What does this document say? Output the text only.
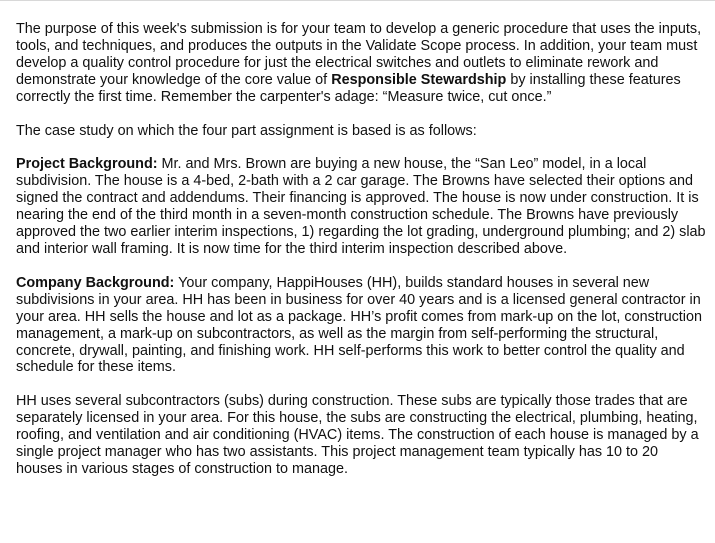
The purpose of this week's submission is for your team to develop a generic procedure that uses the inputs, tools, and techniques, and produces the outputs in the Validate Scope process. In addition, your team must develop a quality control procedure for just the electrical switches and outlets to eliminate rework and demonstrate your knowledge of the core value of Responsible Stewardship by installing these features correctly the first time. Remember the carpenter's adage: “Measure twice, cut once.”

The case study on which the four part assignment is based is as follows:

Project Background: Mr. and Mrs. Brown are buying a new house, the “San Leo” model, in a local subdivision. The house is a 4-bed, 2-bath with a 2 car garage. The Browns have selected their options and signed the contract and addendums. Their financing is approved. The house is now under construction. It is nearing the end of the third month in a seven-month construction schedule. The Browns have previously approved the two earlier interim inspections, 1) regarding the lot grading, underground plumbing; and 2) slab and interior wall framing. It is now time for the third interim inspection described above.

Company Background: Your company, HappiHouses (HH), builds standard houses in several new subdivisions in your area. HH has been in business for over 40 years and is a licensed general contractor in your area. HH sells the house and lot as a package. HH’s profit comes from mark-up on the lot, construction management, a mark-up on subcontractors, as well as the margin from self-performing the structural, concrete, drywall, painting, and finishing work. HH self-performs this work to better control the quality and schedule for these items.

HH uses several subcontractors (subs) during construction. These subs are typically those trades that are separately licensed in your area. For this house, the subs are constructing the electrical, plumbing, heating, roofing, and ventilation and air conditioning (HVAC) items. The construction of each house is managed by a single project manager who has two assistants. This project management team typically has 10 to 20 houses in various stages of construction to manage.
